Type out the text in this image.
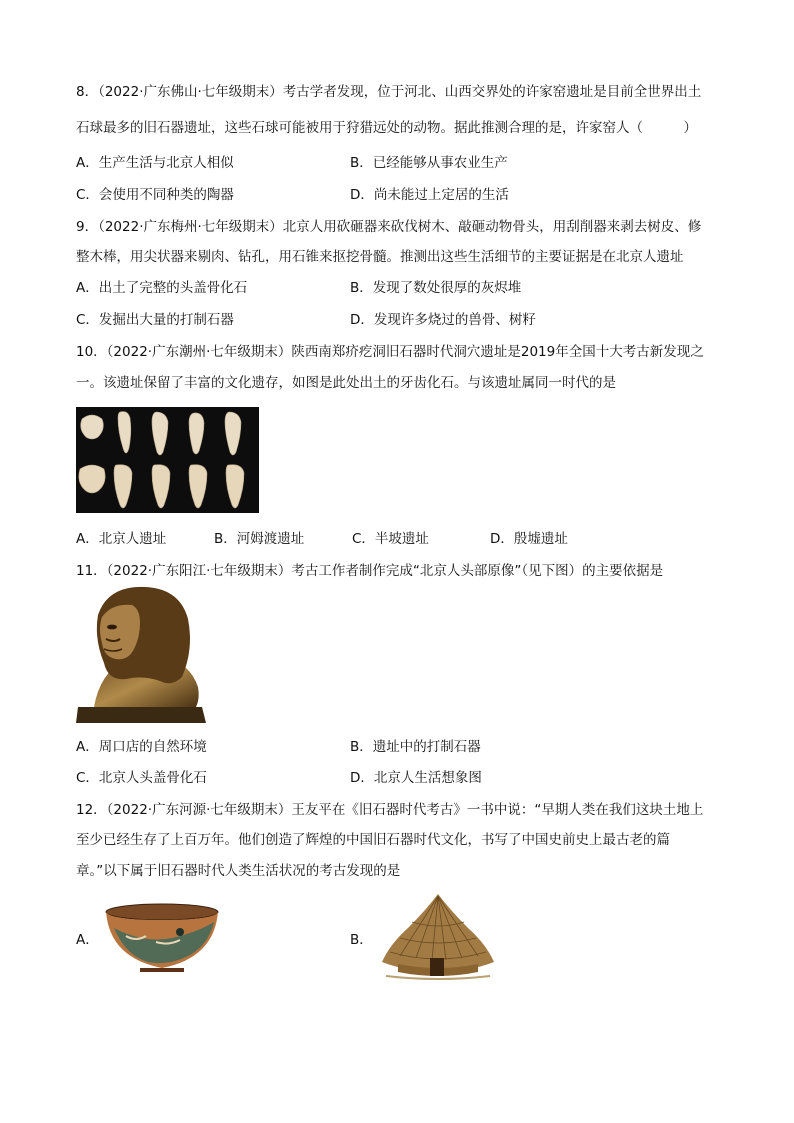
8．（2022·广东佛山·七年级期末）考古学者发现，位于河北、山西交界处的许家窑遗址是目前全世界出土
石球最多的旧石器遗址，这些石球可能被用于狩猎远处的动物。据此推测合理的是，许家窑人（　　　）
A．生产生活与北京人相似	B．已经能够从事农业生产
C．会使用不同种类的陶器	D．尚未能过上定居的生活
9．（2022·广东梅州·七年级期末）北京人用砍砸器来砍伐树木、敲砸动物骨头，用刮削器来剥去树皮、修
整木棒，用尖状器来剔肉、钻孔，用石锥来抠挖骨髓。推测出这些生活细节的主要证据是在北京人遗址
A．出土了完整的头盖骨化石	B．发现了数处很厚的灰烬堆
C．发掘出大量的打制石器	D．发现许多烧过的兽骨、树籽
10．（2022·广东潮州·七年级期末）陕西南郑疥疙洞旧石器时代洞穴遗址是2019年全国十大考古新发现之
一。该遗址保留了丰富的文化遗存，如图是此处出土的牙齿化石。与该遗址属同一时代的是
A．北京人遗址	B．河姆渡遗址	C．半坡遗址	D．殷墟遗址
11．（2022·广东阳江·七年级期末）考古工作者制作完成“北京人头部原像”（见下图）的主要依据是
A．周口店的自然环境	B．遗址中的打制石器
C．北京人头盖骨化石	D．北京人生活想象图
12．（2022·广东河源·七年级期末）王友平在《旧石器时代考古》一书中说：“早期人类在我们这块土地上
至少已经生存了上百万年。他们创造了辉煌的中国旧石器时代文化，书写了中国史前史上最古老的篇
章。”以下属于旧石器时代人类生活状况的考古发现的是
A．	B．
